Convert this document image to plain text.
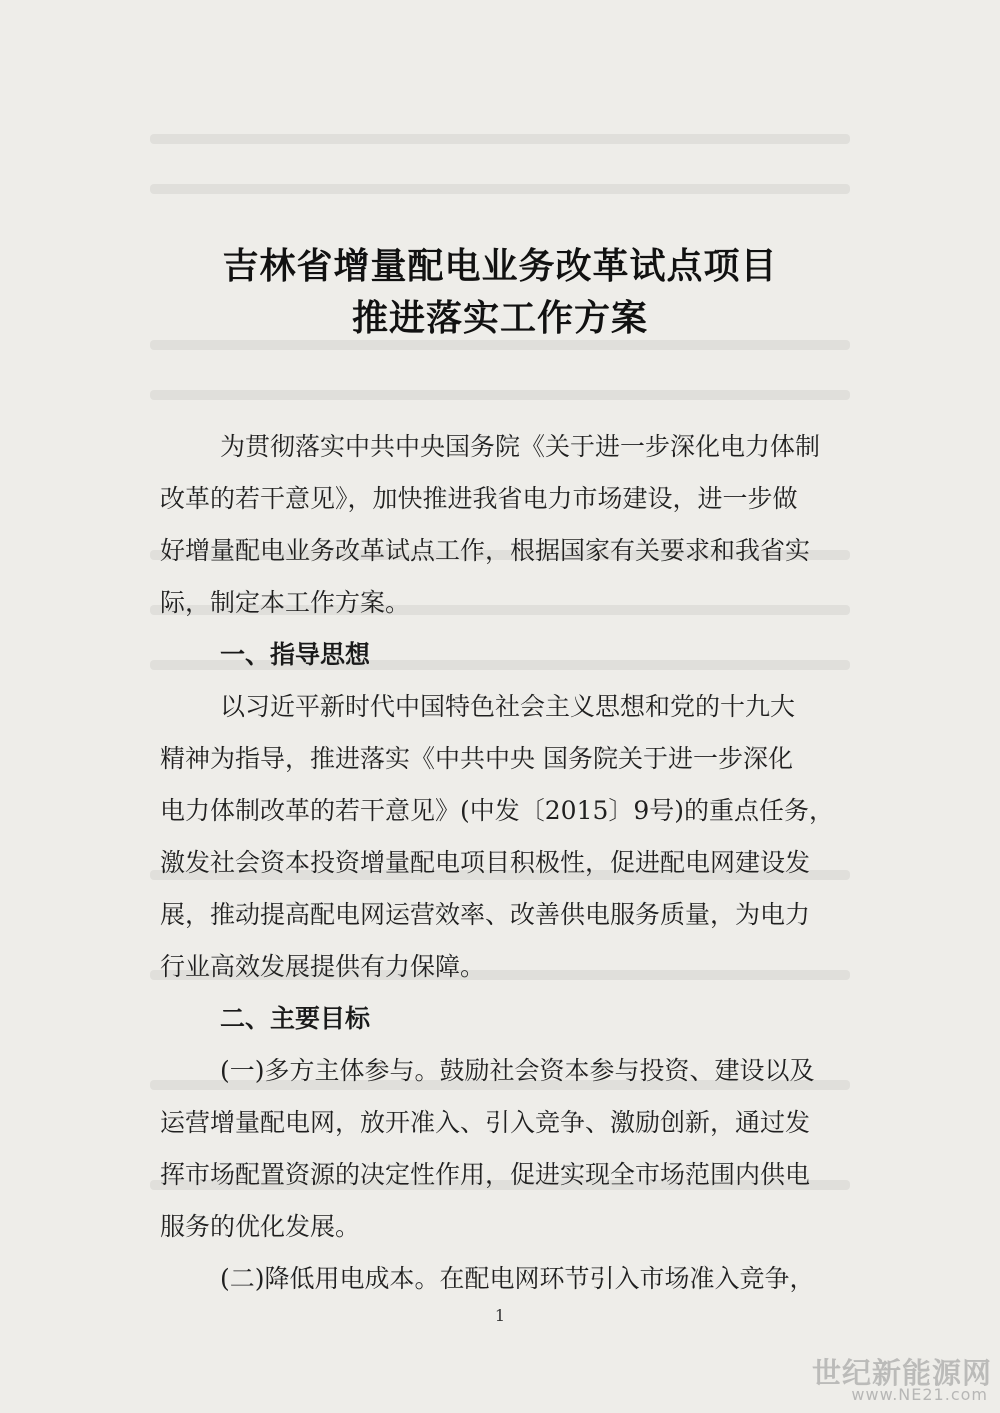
吉林省增量配电业务改革试点项目
推进落实工作方案

为贯彻落实中共中央国务院《关于进一步深化电力体制

改革的若干意见》，加快推进我省电力市场建设，进一步做

好增量配电业务改革试点工作，根据国家有关要求和我省实

际，制定本工作方案。

一、指导思想

以习近平新时代中国特色社会主义思想和党的十九大

精神为指导，推进落实《中共中央 国务院关于进一步深化

电力体制改革的若干意见》(中发〔2015〕9号)的重点任务，

激发社会资本投资增量配电项目积极性，促进配电网建设发

展，推动提高配电网运营效率、改善供电服务质量，为电力

行业高效发展提供有力保障。

二、主要目标

(一)多方主体参与。鼓励社会资本参与投资、建设以及

运营增量配电网，放开准入、引入竞争、激励创新，通过发

挥市场配置资源的决定性作用，促进实现全市场范围内供电

服务的优化发展。

(二)降低用电成本。在配电网环节引入市场准入竞争，

1

世纪新能源网
www.NE21.com
